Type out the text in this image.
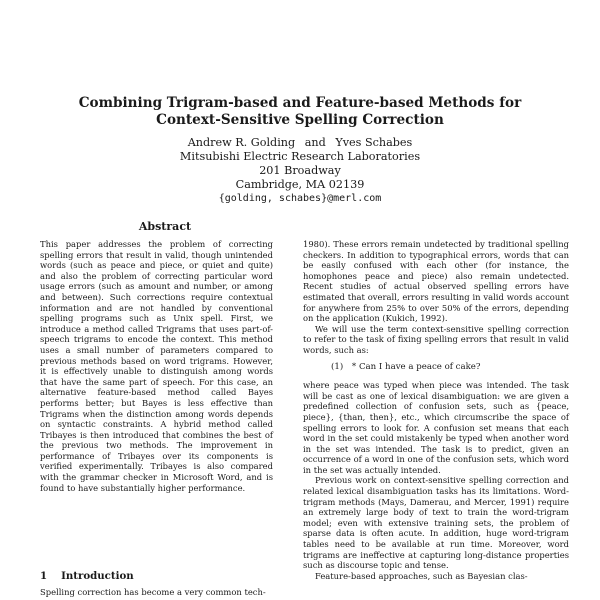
Combining Trigram-based and Feature-based Methods for
Context-Sensitive Spelling Correction
Andrew R. Golding and Yves Schabes
Mitsubishi Electric Research Laboratories
201 Broadway
Cambridge, MA 02139
{golding, schabes}@merl.com
Abstract

This paper addresses the problem of correcting spelling errors that result in valid, though unintended words (such as peace and piece, or quiet and quite) and also the problem of correcting particular word usage errors (such as amount and number, or among and between). Such corrections require contextual information and are not handled by conventional spelling programs such as Unix spell. First, we introduce a method called Trigrams that uses part-of-speech trigrams to encode the context. This method uses a small number of parameters compared to previous methods based on word trigrams. However, it is effectively unable to distinguish among words that have the same part of speech. For this case, an alternative feature-based method called Bayes performs better; but Bayes is less effective than Trigrams when the distinction among words depends on syntactic constraints. A hybrid method called Tribayes is then introduced that combines the best of the previous two methods. The improvement in performance of Tribayes over its components is verified experimentally. Tribayes is also compared with the grammar checker in Microsoft Word, and is found to have substantially higher performance.

1 Introduction

Spelling correction has become a very common tech-

1980). These errors remain undetected by traditional spelling checkers. In addition to typographical errors, words that can be easily confused with each other (for instance, the homophones peace and piece) also remain undetected. Recent studies of actual observed spelling errors have estimated that overall, errors resulting in valid words account for anywhere from 25% to over 50% of the errors, depending on the application (Kukich, 1992).

We will use the term context-sensitive spelling correction to refer to the task of fixing spelling errors that result in valid words, such as:

(1) * Can I have a peace of cake?

where peace was typed when piece was intended. The task will be cast as one of lexical disambiguation: we are given a predefined collection of confusion sets, such as {peace, piece}, {than, then}, etc., which circumscribe the space of spelling errors to look for. A confusion set means that each word in the set could mistakenly be typed when another word in the set was intended. The task is to predict, given an occurrence of a word in one of the confusion sets, which word in the set was actually intended.

Previous work on context-sensitive spelling correction and related lexical disambiguation tasks has its limitations. Word-trigram methods (Mays, Damerau, and Mercer, 1991) require an extremely large body of text to train the word-trigram model; even with extensive training sets, the problem of sparse data is often acute. In addition, huge word-trigram tables need to be available at run time. Moreover, word trigrams are ineffective at capturing long-distance properties such as discourse topic and tense.

Feature-based approaches, such as Bayesian clas-
